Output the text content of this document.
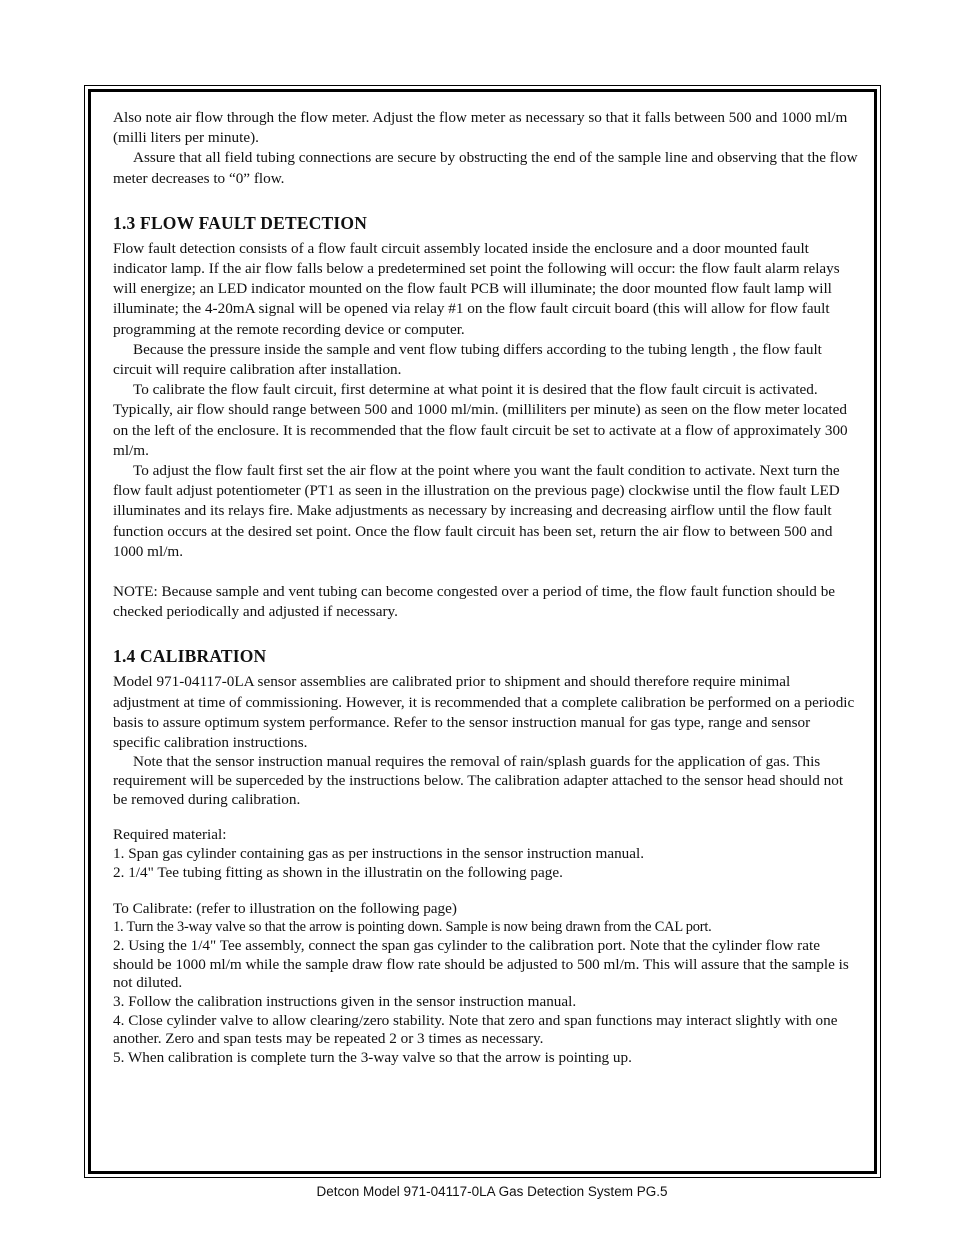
Also note air flow through the flow meter. Adjust the flow meter as necessary so that it falls between 500 and 1000 ml/m (milli liters per minute).

Assure that all field tubing connections are secure by obstructing the end of the sample line and observing that the flow meter decreases to “0” flow.

1.3 FLOW FAULT DETECTION

Flow fault detection consists of a flow fault circuit assembly located inside the enclosure and a door mounted fault indicator lamp. If the air flow falls below a predetermined set point the following will occur: the flow fault alarm relays will energize; an LED indicator mounted on the flow fault PCB will illuminate; the door mounted flow fault lamp will illuminate; the 4-20mA signal will be opened via relay #1 on the flow fault circuit board (this will allow for flow fault programming at the remote recording device or computer.

Because the pressure inside the sample and vent flow tubing differs according to the tubing length , the flow fault circuit will require calibration after installation.

To calibrate the flow fault circuit, first determine at what point it is desired that the flow fault circuit is activated. Typically, air flow should range between 500 and 1000 ml/min. (milliliters per minute) as seen on the flow meter located on the left of the enclosure. It is recommended that the flow fault circuit be set to activate at a flow of approximately 300 ml/m.

To adjust the flow fault first set the air flow at the point where you want the fault condition to activate. Next turn the flow fault adjust potentiometer (PT1 as seen in the illustration on the previous page) clockwise until the flow fault LED illuminates and its relays fire. Make adjustments as necessary by increasing and decreasing airflow until the flow fault function occurs at the desired set point. Once the flow fault circuit has been set, return the air flow to between 500 and 1000 ml/m.

NOTE: Because sample and vent tubing can become congested over a period of time, the flow fault function should be checked periodically and adjusted if necessary.

1.4 CALIBRATION

Model 971-04117-0LA sensor assemblies are calibrated prior to shipment and should therefore require minimal adjustment at time of commissioning. However, it is recommended that a complete calibration be performed on a periodic basis to assure optimum system performance. Refer to the sensor instruction manual for gas type, range and sensor specific calibration instructions.

Note that the sensor instruction manual requires the removal of rain/splash guards for the application of gas. This requirement will be superceded by the instructions below. The calibration adapter attached to the sensor head should not be removed during calibration.

Required material:

1. Span gas cylinder containing gas as per instructions in the sensor instruction manual.

2. 1/4" Tee tubing fitting as shown in the illustratin on the following page.

To Calibrate: (refer to illustration on the following page)

1. Turn the 3-way valve so that the arrow is pointing down. Sample is now being drawn from the CAL port.

2. Using the 1/4" Tee assembly, connect the span gas cylinder to the calibration port. Note that the cylinder flow rate should be 1000 ml/m while the sample draw flow rate should be adjusted to 500 ml/m. This will assure that the sample is not diluted.

3. Follow the calibration instructions given in the sensor instruction manual.

4. Close cylinder valve to allow clearing/zero stability. Note that zero and span functions may interact slightly with one another. Zero and span tests may be repeated 2 or 3 times as necessary.

5. When calibration is complete turn the 3-way valve so that the arrow is pointing up.

Detcon Model 971-04117-0LA Gas Detection System PG.5
